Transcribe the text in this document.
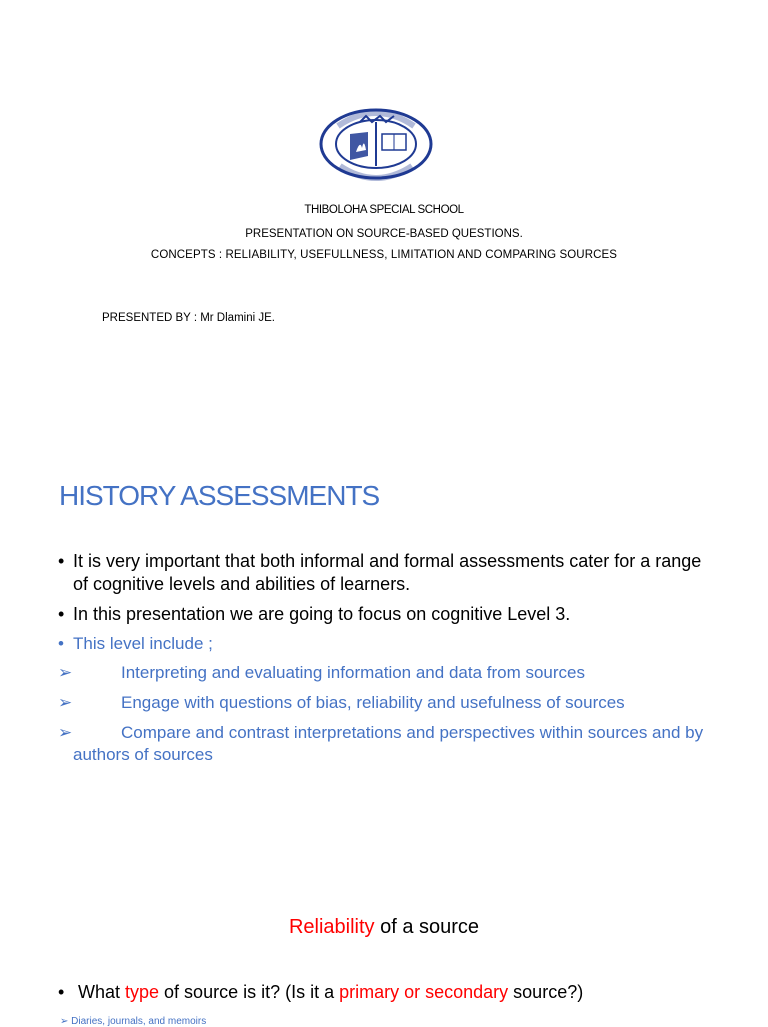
THIBOLOHA SPECIAL SCHOOL
PRESENTATION ON SOURCE-BASED QUESTIONS.
CONCEPTS : RELIABILITY, USEFULLNESS, LIMITATION AND COMPARING SOURCES
PRESENTED BY : Mr Dlamini JE.
HISTORY ASSESSMENTS
• It is very important that both informal and formal assessments cater for a range of cognitive levels and abilities of learners.
• In this presentation we are going to focus on cognitive Level 3.
• This level include ;
➢	Interpreting and evaluating information and data from sources
➢	Engage with questions of bias, reliability and usefulness of sources
➢	Compare and contrast interpretations and perspectives within sources and by authors of sources
Reliability of a source
• What type of source is it? (Is it a primary or secondary source?)
➢ Diaries, journals, and memoirs
